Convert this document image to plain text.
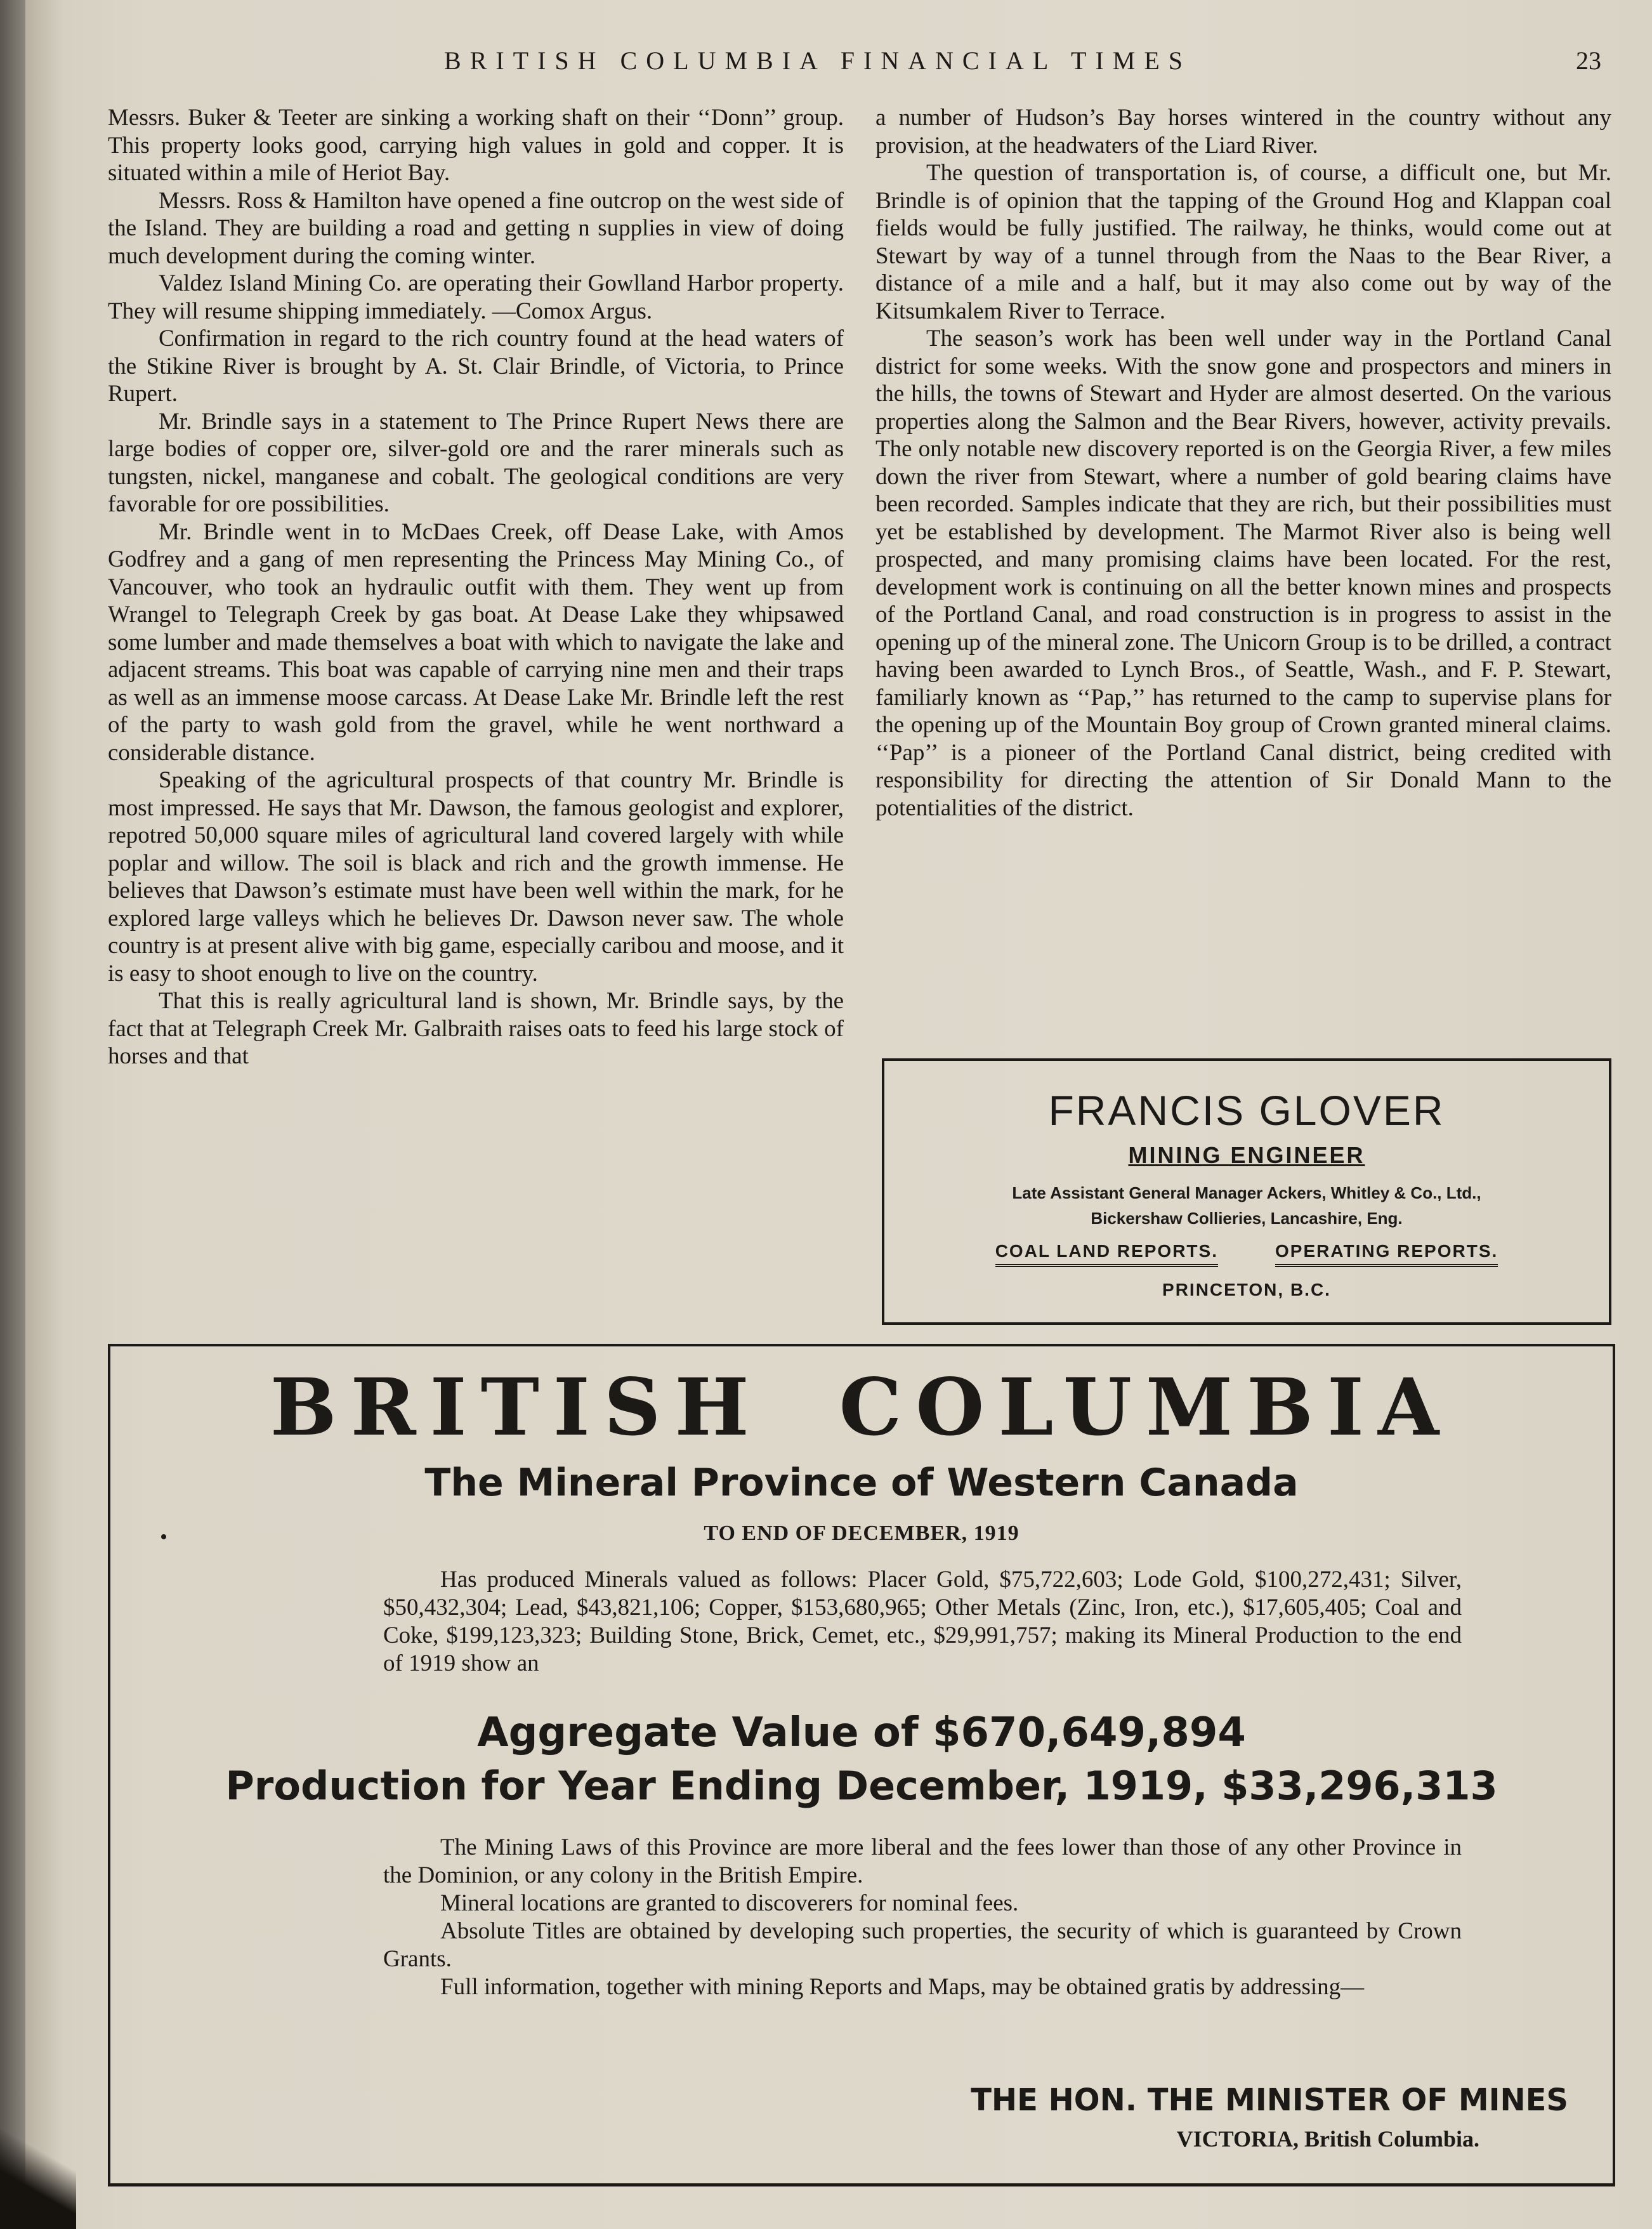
BRITISH COLUMBIA FINANCIAL TIMES	23

Messrs. Buker & Teeter are sinking a working shaft on their ‘‘Donn’’ group. This property looks good, carrying high values in gold and copper. It is situated within a mile of Heriot Bay.

Messrs. Ross & Hamilton have opened a fine outcrop on the west side of the Island. They are building a road and getting n supplies in view of doing much development during the coming winter.

Valdez Island Mining Co. are operating their Gowlland Harbor property. They will resume shipping immediately. —Comox Argus.

Confirmation in regard to the rich country found at the head waters of the Stikine River is brought by A. St. Clair Brindle, of Victoria, to Prince Rupert.

Mr. Brindle says in a statement to The Prince Rupert News there are large bodies of copper ore, silver-gold ore and the rarer minerals such as tungsten, nickel, manganese and cobalt. The geological conditions are very favorable for ore possibilities.

Mr. Brindle went in to McDaes Creek, off Dease Lake, with Amos Godfrey and a gang of men representing the Princess May Mining Co., of Vancouver, who took an hydraulic outfit with them. They went up from Wrangel to Telegraph Creek by gas boat. At Dease Lake they whipsawed some lumber and made themselves a boat with which to navigate the lake and adjacent streams. This boat was capable of carrying nine men and their traps as well as an immense moose carcass. At Dease Lake Mr. Brindle left the rest of the party to wash gold from the gravel, while he went northward a considerable distance.

Speaking of the agricultural prospects of that country Mr. Brindle is most impressed. He says that Mr. Dawson, the famous geologist and explorer, repotred 50,000 square miles of agricultural land covered largely with while poplar and willow. The soil is black and rich and the growth immense. He believes that Dawson’s estimate must have been well within the mark, for he explored large valleys which he believes Dr. Dawson never saw. The whole country is at present alive with big game, especially caribou and moose, and it is easy to shoot enough to live on the country.

That this is really agricultural land is shown, Mr. Brindle says, by the fact that at Telegraph Creek Mr. Galbraith raises oats to feed his large stock of horses and that

a number of Hudson’s Bay horses wintered in the country without any provision, at the headwaters of the Liard River.

The question of transportation is, of course, a difficult one, but Mr. Brindle is of opinion that the tapping of the Ground Hog and Klappan coal fields would be fully justified. The railway, he thinks, would come out at Stewart by way of a tunnel through from the Naas to the Bear River, a distance of a mile and a half, but it may also come out by way of the Kitsumkalem River to Terrace.

The season’s work has been well under way in the Portland Canal district for some weeks. With the snow gone and prospectors and miners in the hills, the towns of Stewart and Hyder are almost deserted. On the various properties along the Salmon and the Bear Rivers, however, activity prevails. The only notable new discovery reported is on the Georgia River, a few miles down the river from Stewart, where a number of gold bearing claims have been recorded. Samples indicate that they are rich, but their possibilities must yet be established by development. The Marmot River also is being well prospected, and many promising claims have been located. For the rest, development work is continuing on all the better known mines and prospects of the Portland Canal, and road construction is in progress to assist in the opening up of the mineral zone. The Unicorn Group is to be drilled, a contract having been awarded to Lynch Bros., of Seattle, Wash., and F. P. Stewart, familiarly known as ‘‘Pap,’’ has returned to the camp to supervise plans for the opening up of the Mountain Boy group of Crown granted mineral claims. ‘‘Pap’’ is a pioneer of the Portland Canal district, being credited with responsibility for directing the attention of Sir Donald Mann to the potentialities of the district.

FRANCIS GLOVER
MINING ENGINEER
Late Assistant General Manager Ackers, Whitley & Co., Ltd.,
Bickershaw Collieries, Lancashire, Eng.
COAL LAND REPORTS.	OPERATING REPORTS.
PRINCETON, B.C.
BRITISH COLUMBIA
The Mineral Province of Western Canada
TO END OF DECEMBER, 1919

Has produced Minerals valued as follows: Placer Gold, $75,722,603; Lode Gold, $100,272,431; Silver, $50,432,304; Lead, $43,821,106; Copper, $153,680,965; Other Metals (Zinc, Iron, etc.), $17,605,405; Coal and Coke, $199,123,323; Building Stone, Brick, Cemet, etc., $29,991,757; making its Mineral Production to the end of 1919 show an

Aggregate Value of $670,649,894
Production for Year Ending December, 1919, $33,296,313

The Mining Laws of this Province are more liberal and the fees lower than those of any other Province in the Dominion, or any colony in the British Empire.

Mineral locations are granted to discoverers for nominal fees.

Absolute Titles are obtained by developing such properties, the security of which is guaranteed by Crown Grants.

Full information, together with mining Reports and Maps, may be obtained gratis by addressing—

THE HON. THE MINISTER OF MINES
VICTORIA, British Columbia.
